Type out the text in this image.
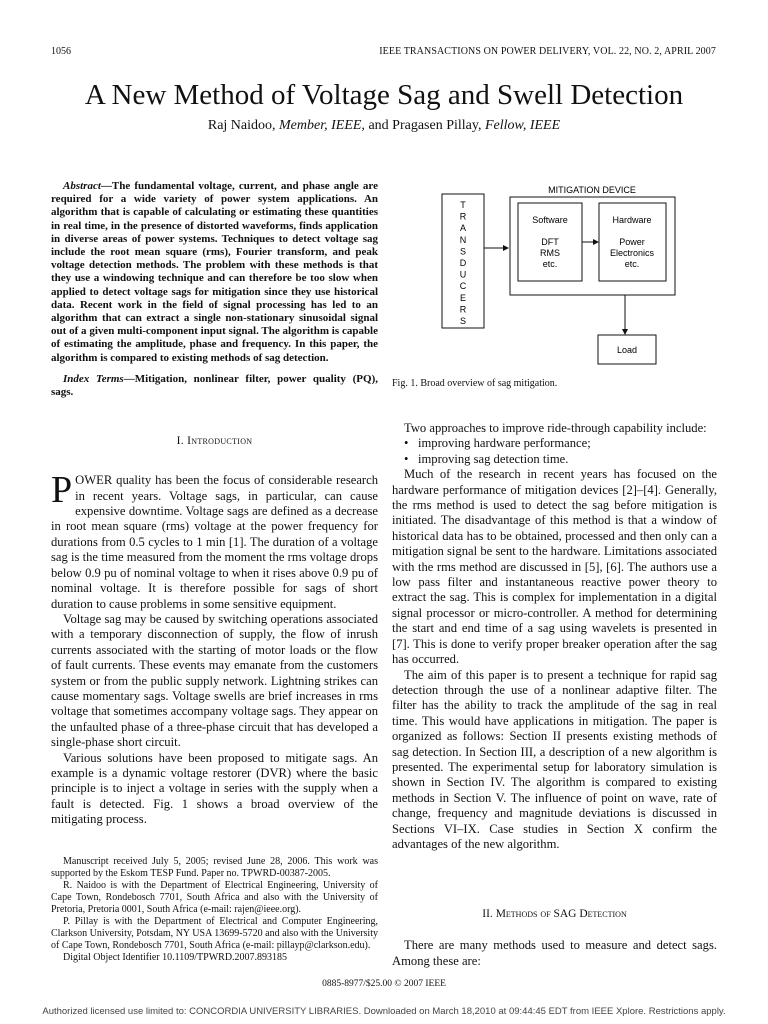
1056	IEEE TRANSACTIONS ON POWER DELIVERY, VOL. 22, NO. 2, APRIL 2007
A New Method of Voltage Sag and Swell Detection
Raj Naidoo, Member, IEEE, and Pragasen Pillay, Fellow, IEEE

Abstract—The fundamental voltage, current, and phase angle are required for a wide variety of power system applications. An algorithm that is capable of calculating or estimating these quantities in real time, in the presence of distorted waveforms, finds application in diverse areas of power systems. Techniques to detect voltage sag include the root mean square (rms), Fourier transform, and peak voltage detection methods. The problem with these methods is that they use a windowing technique and can therefore be too slow when applied to detect voltage sags for mitigation since they use historical data. Recent work in the field of signal processing has led to an algorithm that can extract a single non-stationary sinusoidal signal out of a given multi-component input signal. The algorithm is capable of estimating the amplitude, phase and frequency. In this paper, the algorithm is compared to existing methods of sag detection.

Index Terms—Mitigation, nonlinear filter, power quality (PQ), sags.

I. Introduction

POWER quality has been the focus of considerable research in recent years. Voltage sags, in particular, can cause expensive downtime. Voltage sags are defined as a decrease in root mean square (rms) voltage at the power frequency for durations from 0.5 cycles to 1 min [1]. The duration of a voltage sag is the time measured from the moment the rms voltage drops below 0.9 pu of nominal voltage to when it rises above 0.9 pu of nominal voltage. It is therefore possible for sags of short duration to cause problems in some sensitive equipment.

Voltage sag may be caused by switching operations associated with a temporary disconnection of supply, the flow of inrush currents associated with the starting of motor loads or the flow of fault currents. These events may emanate from the customers system or from the public supply network. Lightning strikes can cause momentary sags. Voltage swells are brief increases in rms voltage that sometimes accompany voltage sags. They appear on the unfaulted phase of a three-phase circuit that has developed a single-phase short circuit.

Various solutions have been proposed to mitigate sags. An example is a dynamic voltage restorer (DVR) where the basic principle is to inject a voltage in series with the supply when a fault is detected. Fig. 1 shows a broad overview of the mitigating process.

Manuscript received July 5, 2005; revised June 28, 2006. This work was supported by the Eskom TESP Fund. Paper no. TPWRD-00387-2005.

R. Naidoo is with the Department of Electrical Engineering, University of Cape Town, Rondebosch 7701, South Africa and also with the University of Pretoria, Pretoria 0001, South Africa (e-mail: rajen@ieee.org).

P. Pillay is with the Department of Electrical and Computer Engineering, Clarkson University, Potsdam, NY USA 13699-5720 and also with the University of Cape Town, Rondebosch 7701, South Africa (e-mail: pillayp@clarkson.edu).

Digital Object Identifier 10.1109/TPWRD.2007.893185

T
R
A
N
S
D
U
C
E
R
S
MITIGATION DEVICE
Software
DFT
RMS
etc.
Hardware
Power
Electronics
etc.
Load

Fig. 1. Broad overview of sag mitigation.

Two approaches to improve ride-through capability include:

• improving hardware performance;
• improving sag detection time.

Much of the research in recent years has focused on the hardware performance of mitigation devices [2]–[4]. Generally, the rms method is used to detect the sag before mitigation is initiated. The disadvantage of this method is that a window of historical data has to be obtained, processed and then only can a mitigation signal be sent to the hardware. Limitations associated with the rms method are discussed in [5], [6]. The authors use a low pass filter and instantaneous reactive power theory to extract the sag. This is complex for implementation in a digital signal processor or micro-controller. A method for determining the start and end time of a sag using wavelets is presented in [7]. This is done to verify proper breaker operation after the sag has occurred.

The aim of this paper is to present a technique for rapid sag detection through the use of a nonlinear adaptive filter. The filter has the ability to track the amplitude of the sag in real time. This would have applications in mitigation. The paper is organized as follows: Section II presents existing methods of sag detection. In Section III, a description of a new algorithm is presented. The experimental setup for laboratory simulation is shown in Section IV. The algorithm is compared to existing methods in Section V. The influence of point on wave, rate of change, frequency and magnitude deviations is discussed in Sections VI–IX. Case studies in Section X confirm the advantages of the new algorithm.

II. Methods of SAG Detection

There are many methods used to measure and detect sags. Among these are:

0885-8977/$25.00 © 2007 IEEE
Authorized licensed use limited to: CONCORDIA UNIVERSITY LIBRARIES. Downloaded on March 18,2010 at 09:44:45 EDT from IEEE Xplore. Restrictions apply.
